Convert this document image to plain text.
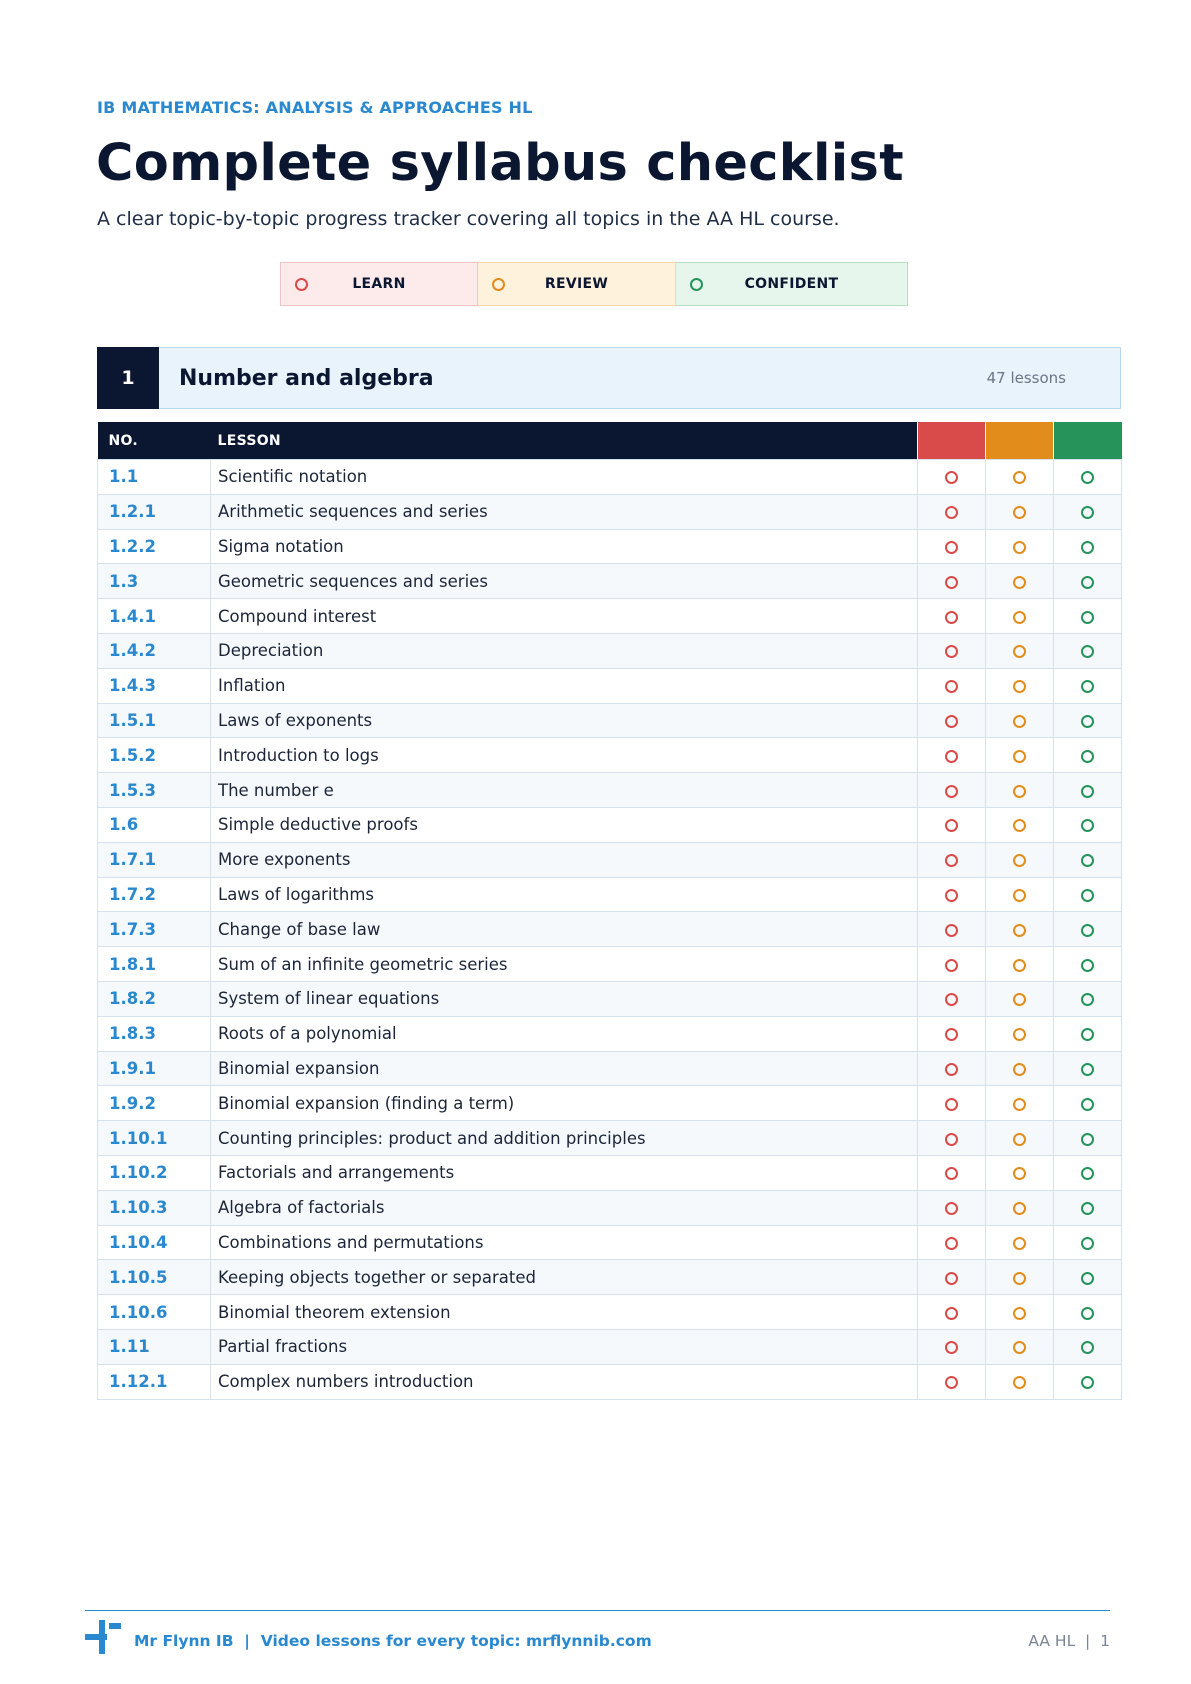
IB MATHEMATICS: ANALYSIS & APPROACHES HL
Complete syllabus checklist
A clear topic-by-topic progress tracker covering all topics in the AA HL course.
LEARN	REVIEW	CONFIDENT
1	Number and algebra	47 lessons
NO.	LESSON			
1.1	Scientific notation			
1.2.1	Arithmetic sequences and series			
1.2.2	Sigma notation			
1.3	Geometric sequences and series			
1.4.1	Compound interest			
1.4.2	Depreciation			
1.4.3	Inflation			
1.5.1	Laws of exponents			
1.5.2	Introduction to logs			
1.5.3	The number e			
1.6	Simple deductive proofs			
1.7.1	More exponents			
1.7.2	Laws of logarithms			
1.7.3	Change of base law			
1.8.1	Sum of an infinite geometric series			
1.8.2	System of linear equations			
1.8.3	Roots of a polynomial			
1.9.1	Binomial expansion			
1.9.2	Binomial expansion (finding a term)			
1.10.1	Counting principles: product and addition principles			
1.10.2	Factorials and arrangements			
1.10.3	Algebra of factorials			
1.10.4	Combinations and permutations			
1.10.5	Keeping objects together or separated			
1.10.6	Binomial theorem extension			
1.11	Partial fractions			
1.12.1	Complex numbers introduction			
Mr Flynn IB  |  Video lessons for every topic: mrflynnib.com	AA HL  |  1
